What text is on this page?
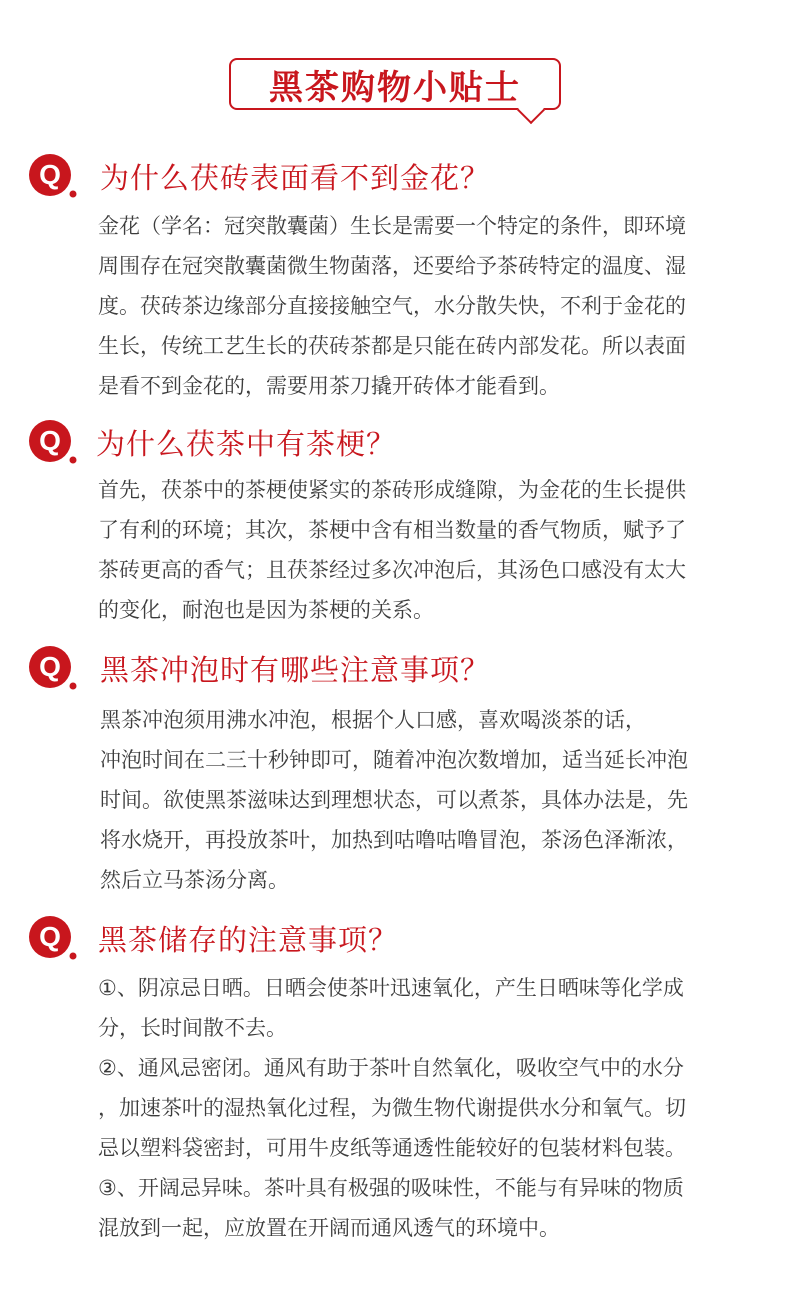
黑茶购物小贴士
Q 为什么茯砖表面看不到金花？
金花（学名：冠突散囊菌）生长是需要一个特定的条件，即环境
周围存在冠突散囊菌微生物菌落，还要给予茶砖特定的温度、湿
度。茯砖茶边缘部分直接接触空气，水分散失快，不利于金花的
生长，传统工艺生长的茯砖茶都是只能在砖内部发花。所以表面
是看不到金花的，需要用茶刀撬开砖体才能看到。
Q 为什么茯茶中有茶梗？
首先，茯茶中的茶梗使紧实的茶砖形成缝隙，为金花的生长提供
了有利的环境；其次，茶梗中含有相当数量的香气物质，赋予了
茶砖更高的香气；且茯茶经过多次冲泡后，其汤色口感没有太大
的变化，耐泡也是因为茶梗的关系。
Q 黑茶冲泡时有哪些注意事项？
黑茶冲泡须用沸水冲泡，根据个人口感，喜欢喝淡茶的话，
冲泡时间在二三十秒钟即可，随着冲泡次数增加，适当延长冲泡
时间。欲使黑茶滋味达到理想状态，可以煮茶，具体办法是，先
将水烧开，再投放茶叶，加热到咕噜咕噜冒泡，茶汤色泽渐浓，
然后立马茶汤分离。
Q 黑茶储存的注意事项？
①、阴凉忌日晒。日晒会使茶叶迅速氧化，产生日晒味等化学成
分，长时间散不去。
②、通风忌密闭。通风有助于茶叶自然氧化，吸收空气中的水分
，加速茶叶的湿热氧化过程，为微生物代谢提供水分和氧气。切
忌以塑料袋密封，可用牛皮纸等通透性能较好的包装材料包装。
③、开阔忌异味。茶叶具有极强的吸味性，不能与有异味的物质
混放到一起，应放置在开阔而通风透气的环境中。
